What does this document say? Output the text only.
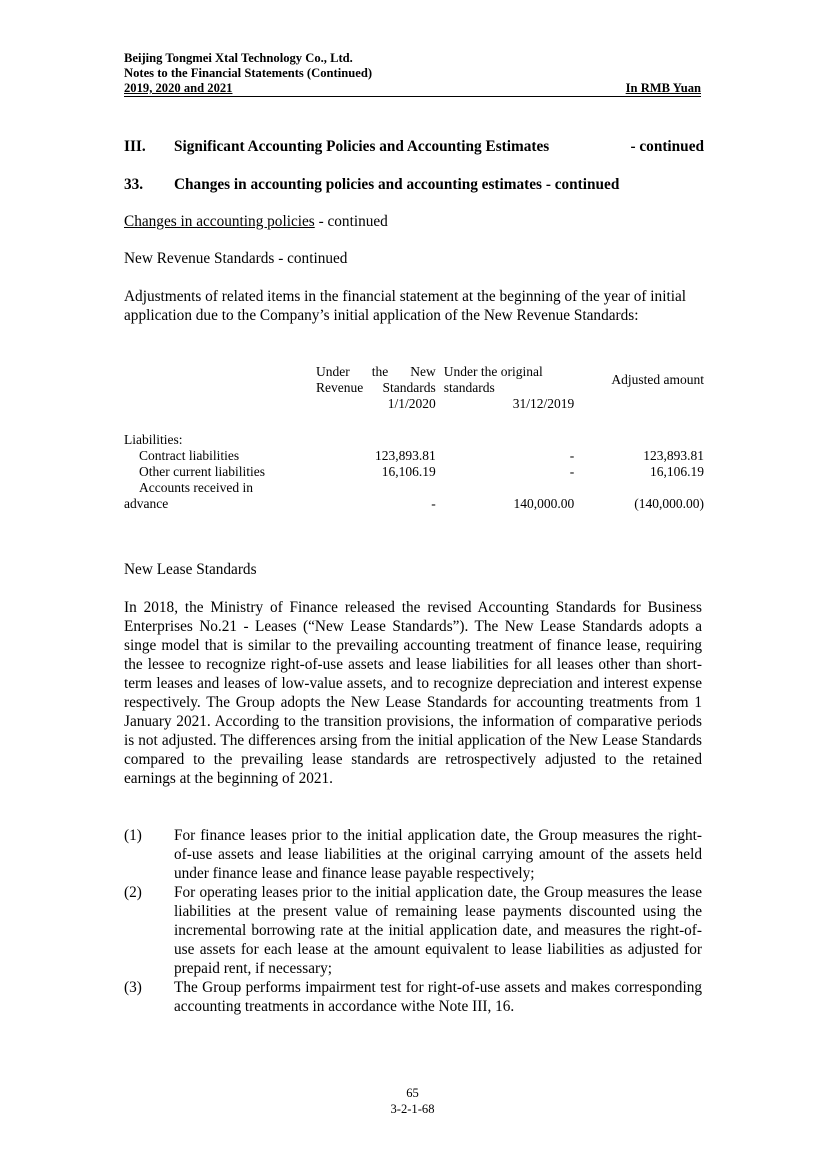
Beijing Tongmei Xtal Technology Co., Ltd.
Notes to the Financial Statements (Continued)
2019, 2020 and 2021	In RMB Yuan
III.	Significant Accounting Policies and Accounting Estimates	- continued
33.	Changes in accounting policies and accounting estimates - continued
Changes in accounting policies - continued
New Revenue Standards - continued
Adjustments of related items in the financial statement at the beginning of the year of initial application due to the Company’s initial application of the New Revenue Standards:
	Under the New Revenue Standards	Under the original standards	Adjusted amount
	1/1/2020	31/12/2019	

Liabilities:			
Contract liabilities	123,893.81	-	123,893.81
Other current liabilities	16,106.19	-	16,106.19

Accounts received in
advance	-	140,000.00	(140,000.00)
New Lease Standards
In 2018, the Ministry of Finance released the revised Accounting Standards for Business Enterprises No.21 - Leases (“New Lease Standards”). The New Lease Standards adopts a singe model that is similar to the prevailing accounting treatment of finance lease, requiring the lessee to recognize right-of-use assets and lease liabilities for all leases other than short-term leases and leases of low-value assets, and to recognize depreciation and interest expense respectively. The Group adopts the New Lease Standards for accounting treatments from 1 January 2021. According to the transition provisions, the information of comparative periods is not adjusted. The differences arsing from the initial application of the New Lease Standards compared to the prevailing lease standards are retrospectively adjusted to the retained earnings at the beginning of 2021.
(1)	For finance leases prior to the initial application date, the Group measures the right-of-use assets and lease liabilities at the original carrying amount of the assets held under finance lease and finance lease payable respectively;
(2)	For operating leases prior to the initial application date, the Group measures the lease liabilities at the present value of remaining lease payments discounted using the incremental borrowing rate at the initial application date, and measures the right-of-use assets for each lease at the amount equivalent to lease liabilities as adjusted for prepaid rent, if necessary;
(3)	The Group performs impairment test for right-of-use assets and makes corresponding accounting treatments in accordance withe Note III, 16.
65
3-2-1-68
